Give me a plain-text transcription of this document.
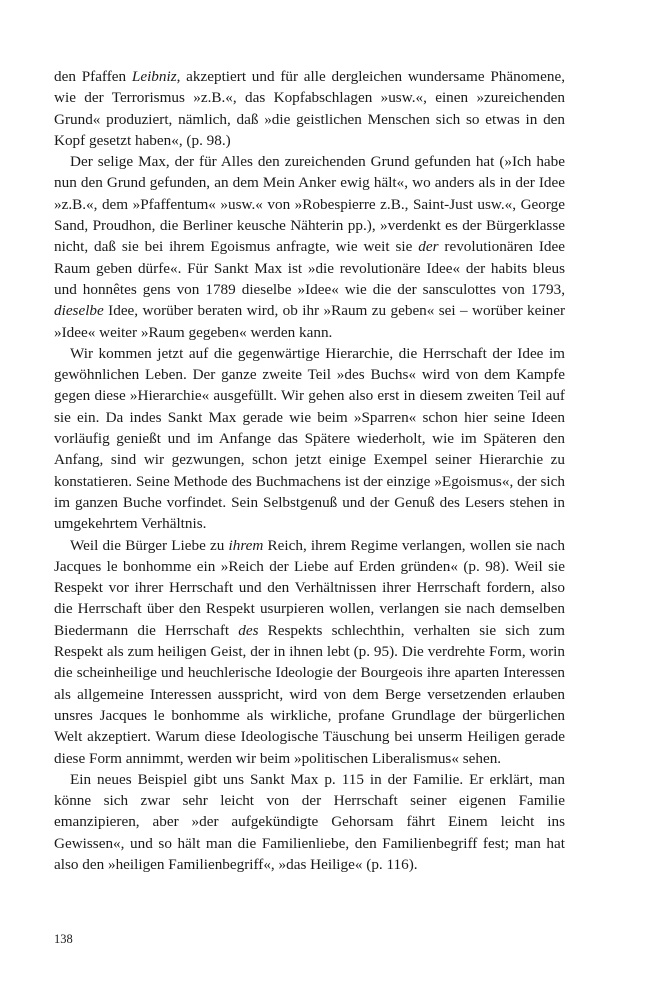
den Pfaffen Leibniz, akzeptiert und für alle dergleichen wundersame Phänomene, wie der Terrorismus »z.B.«, das Kopfabschlagen »usw.«, einen »zureichenden Grund« produziert, nämlich, daß »die geistlichen Menschen sich so etwas in den Kopf gesetzt haben«, (p. 98.)

Der selige Max, der für Alles den zureichenden Grund gefunden hat (»Ich habe nun den Grund gefunden, an dem Mein Anker ewig hält«, wo anders als in der Idee »z.B.«, dem »Pfaffentum« »usw.« von »Robespierre z.B., Saint-Just usw.«, George Sand, Proudhon, die Berliner keusche Nähterin pp.), »verdenkt es der Bürgerklasse nicht, daß sie bei ihrem Egoismus anfragte, wie weit sie der revolutionären Idee Raum geben dürfe«. Für Sankt Max ist »die revolutionäre Idee« der habits bleus und honnêtes gens von 1789 dieselbe »Idee« wie die der sansculottes von 1793, dieselbe Idee, worüber beraten wird, ob ihr »Raum zu geben« sei – worüber keiner »Idee« weiter »Raum gegeben« werden kann.

Wir kommen jetzt auf die gegenwärtige Hierarchie, die Herrschaft der Idee im gewöhnlichen Leben. Der ganze zweite Teil »des Buchs« wird von dem Kampfe gegen diese »Hierarchie« ausgefüllt. Wir gehen also erst in diesem zweiten Teil auf sie ein. Da indes Sankt Max gerade wie beim »Sparren« schon hier seine Ideen vorläufig genießt und im Anfange das Spätere wiederholt, wie im Späteren den Anfang, sind wir gezwungen, schon jetzt einige Exempel seiner Hierarchie zu konstatieren. Seine Methode des Buchmachens ist der einzige »Egoismus«, der sich im ganzen Buche vorfindet. Sein Selbstgenuß und der Genuß des Lesers stehen in umgekehrtem Verhältnis.

Weil die Bürger Liebe zu ihrem Reich, ihrem Regime verlangen, wollen sie nach Jacques le bonhomme ein »Reich der Liebe auf Erden gründen« (p. 98). Weil sie Respekt vor ihrer Herrschaft und den Verhältnissen ihrer Herrschaft fordern, also die Herrschaft über den Respekt usurpieren wollen, verlangen sie nach demselben Biedermann die Herrschaft des Respekts schlechthin, verhalten sie sich zum Respekt als zum heiligen Geist, der in ihnen lebt (p. 95). Die verdrehte Form, worin die scheinheilige und heuchlerische Ideologie der Bourgeois ihre aparten Interessen als allgemeine Interessen ausspricht, wird von dem Berge versetzenden erlauben unsres Jacques le bonhomme als wirkliche, profane Grundlage der bürgerlichen Welt akzeptiert. Warum diese Ideologische Täuschung bei unserm Heiligen gerade diese Form annimmt, werden wir beim »politischen Liberalismus« sehen.

Ein neues Beispiel gibt uns Sankt Max p. 115 in der Familie. Er erklärt, man könne sich zwar sehr leicht von der Herrschaft seiner eigenen Familie emanzipieren, aber »der aufgekündigte Gehorsam fährt Einem leicht ins Gewissen«, und so hält man die Familienliebe, den Familienbegriff fest; man hat also den »heiligen Familienbegriff«, »das Heilige« (p. 116).

138
